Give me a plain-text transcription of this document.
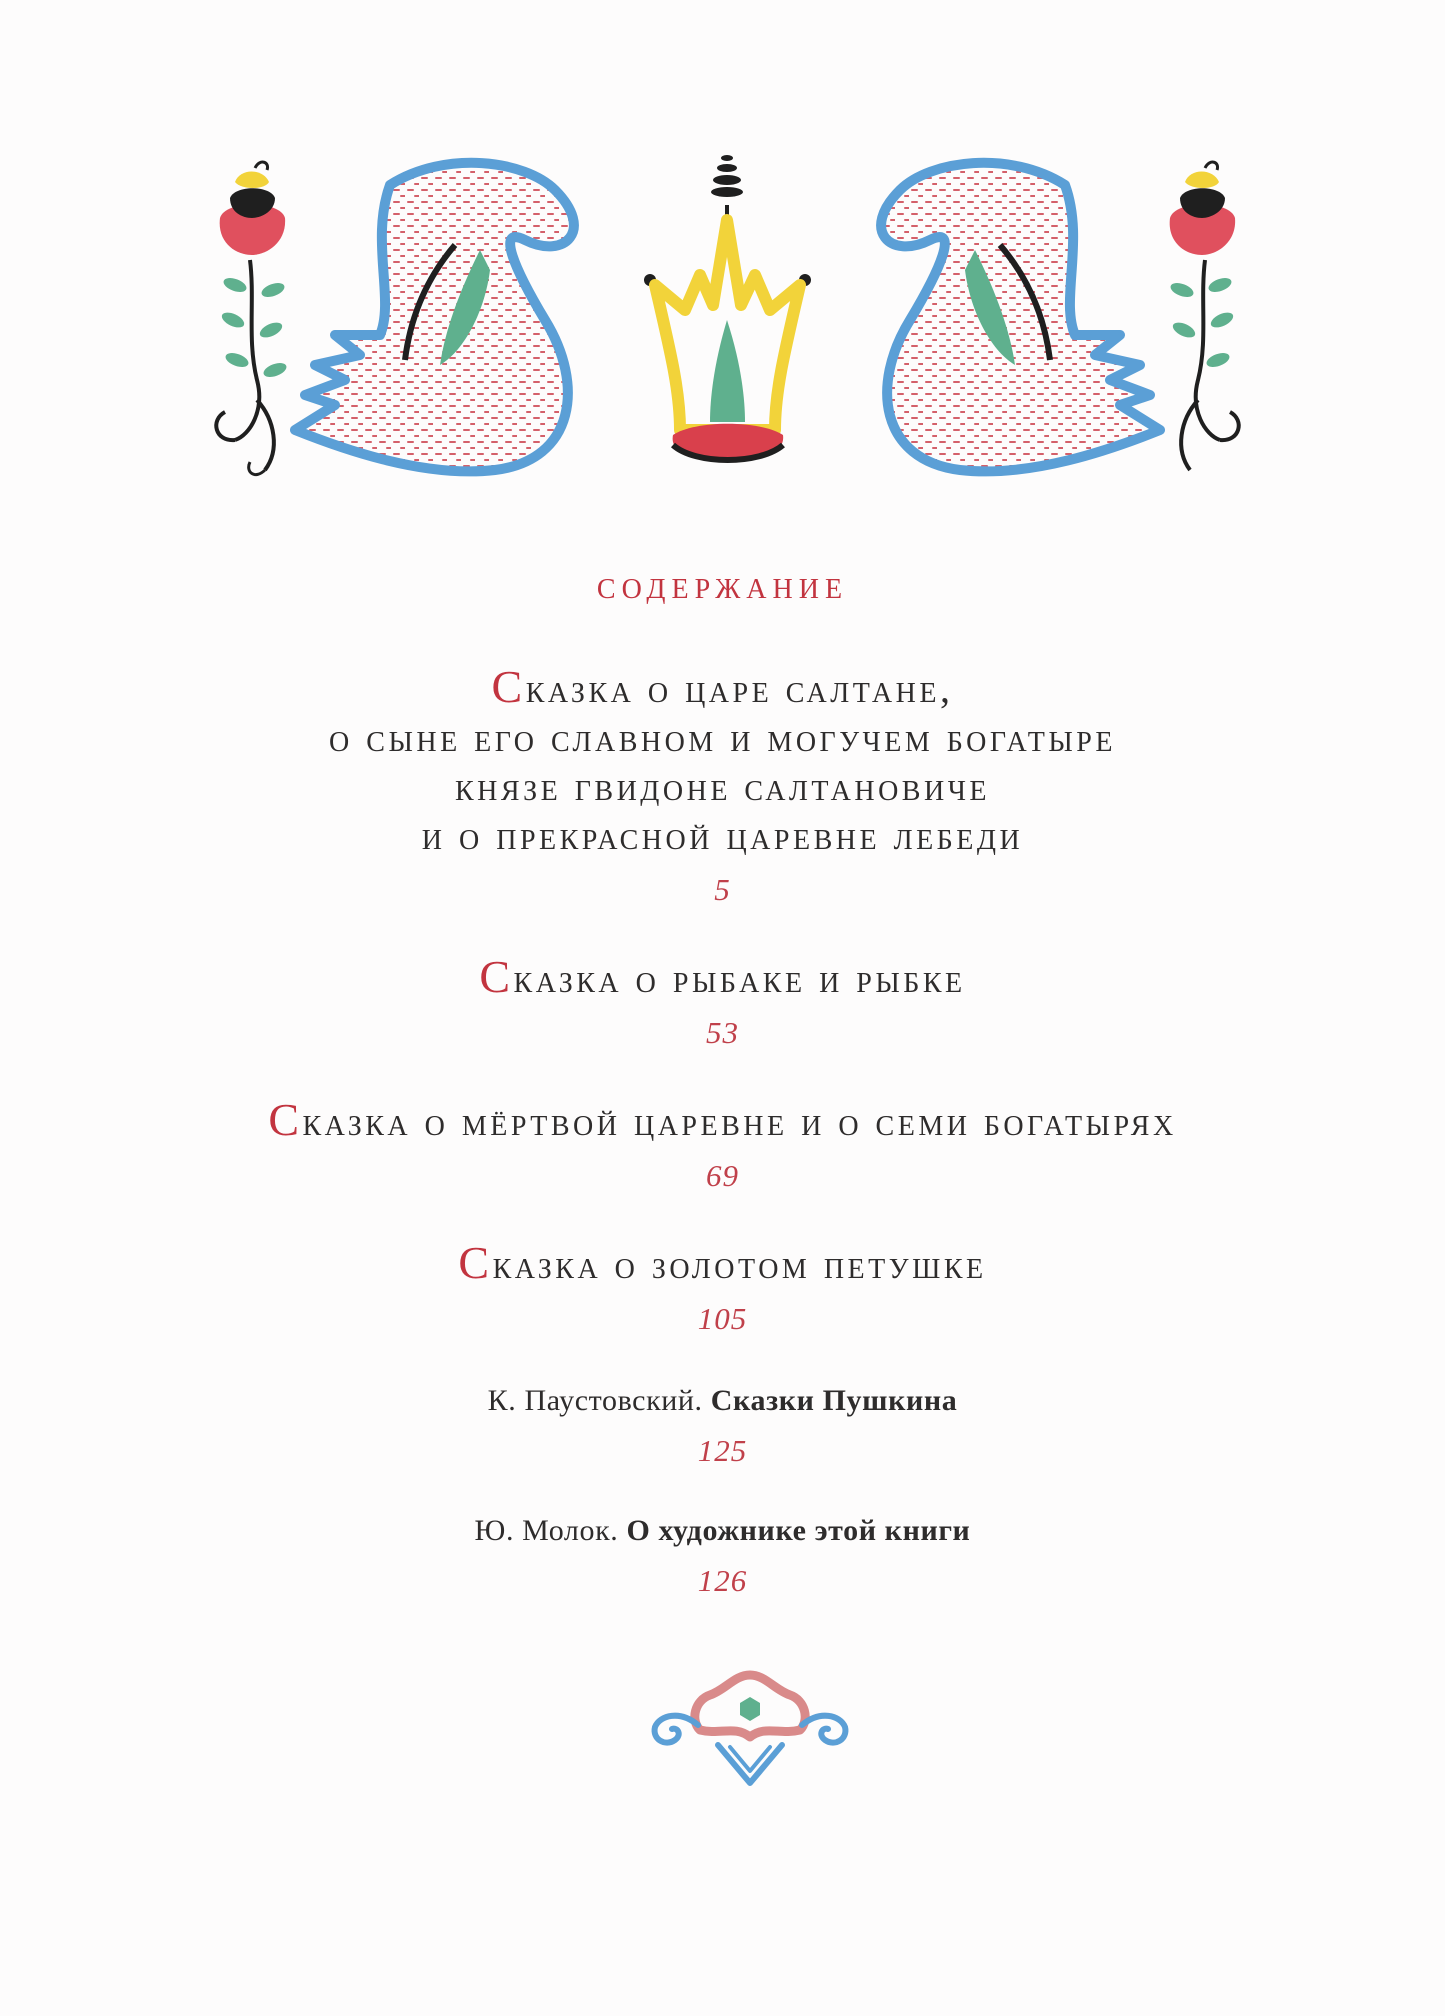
содержание
Сказка о царе салтане,
о сыне его славном и могучем богатыре
князе гвидоне салтановиче
и о прекрасной царевне лебеди
5
Сказка о рыбаке и рыбке
53
Сказка о мёртвой царевне и о семи богатырях
69
Сказка о золотом петушке
105
К. Паустовский. Сказки Пушкина
125
Ю. Молок. О художнике этой книги
126
